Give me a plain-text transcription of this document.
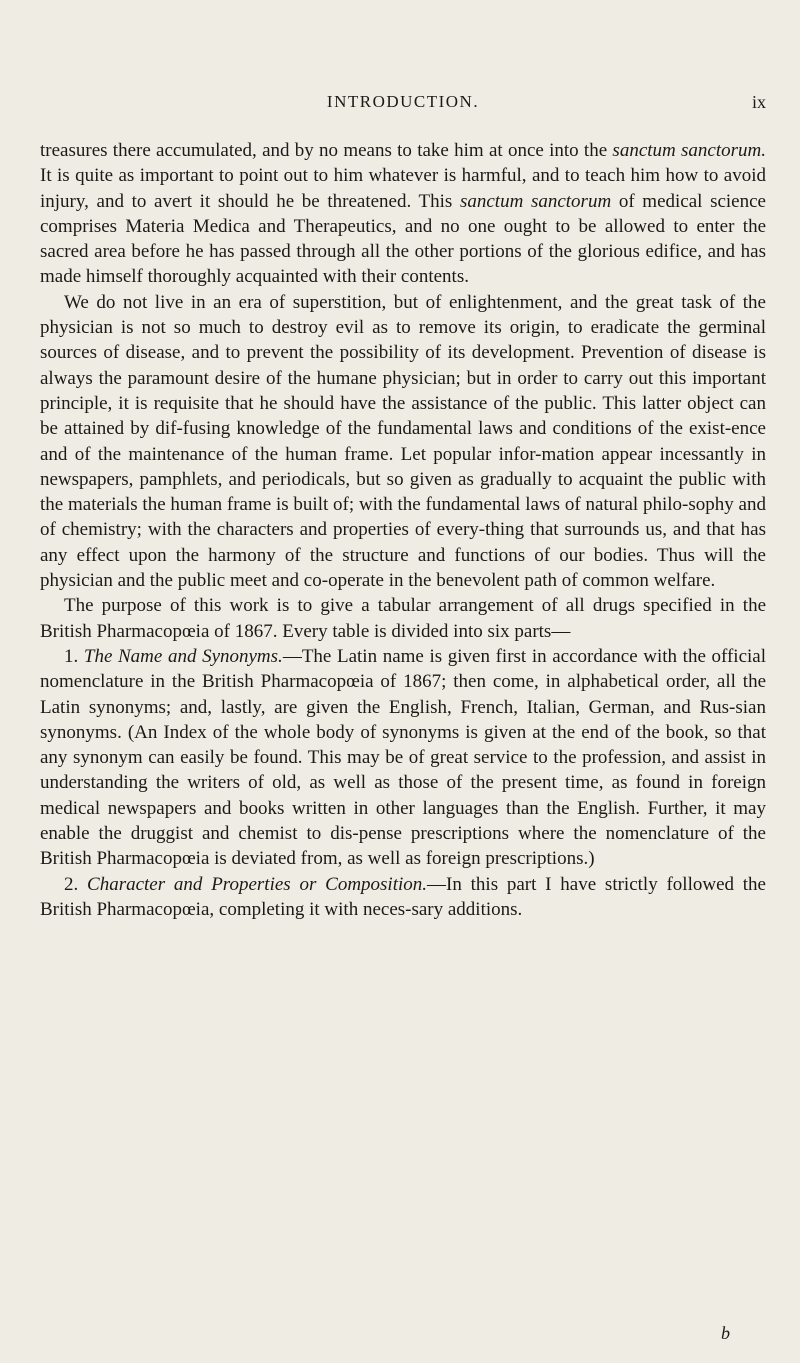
INTRODUCTION.	ix

treasures there accumulated, and by no means to take him at once into the sanctum sanctorum. It is quite as important to point out to him whatever is harmful, and to teach him how to avoid injury, and to avert it should he be threatened. This sanctum sanctorum of medical science comprises Materia Medica and Therapeutics, and no one ought to be allowed to enter the sacred area before he has passed through all the other portions of the glorious edifice, and has made himself thoroughly acquainted with their contents.

We do not live in an era of superstition, but of enlightenment, and the great task of the physician is not so much to destroy evil as to remove its origin, to eradicate the germinal sources of disease, and to prevent the possibility of its development. Prevention of disease is always the paramount desire of the humane physician; but in order to carry out this important principle, it is requisite that he should have the assistance of the public. This latter object can be attained by dif-fusing knowledge of the fundamental laws and conditions of the exist-ence and of the maintenance of the human frame. Let popular infor-mation appear incessantly in newspapers, pamphlets, and periodicals, but so given as gradually to acquaint the public with the materials the human frame is built of; with the fundamental laws of natural philo-sophy and of chemistry; with the characters and properties of every-thing that surrounds us, and that has any effect upon the harmony of the structure and functions of our bodies. Thus will the physician and the public meet and co-operate in the benevolent path of common welfare.

The purpose of this work is to give a tabular arrangement of all drugs specified in the British Pharmacopœia of 1867. Every table is divided into six parts—

1. The Name and Synonyms.—The Latin name is given first in accordance with the official nomenclature in the British Pharmacopœia of 1867; then come, in alphabetical order, all the Latin synonyms; and, lastly, are given the English, French, Italian, German, and Rus-sian synonyms. (An Index of the whole body of synonyms is given at the end of the book, so that any synonym can easily be found. This may be of great service to the profession, and assist in understanding the writers of old, as well as those of the present time, as found in foreign medical newspapers and books written in other languages than the English. Further, it may enable the druggist and chemist to dis-pense prescriptions where the nomenclature of the British Pharmacopœia is deviated from, as well as foreign prescriptions.)

2. Character and Properties or Composition.—In this part I have strictly followed the British Pharmacopœia, completing it with neces-sary additions.

b
